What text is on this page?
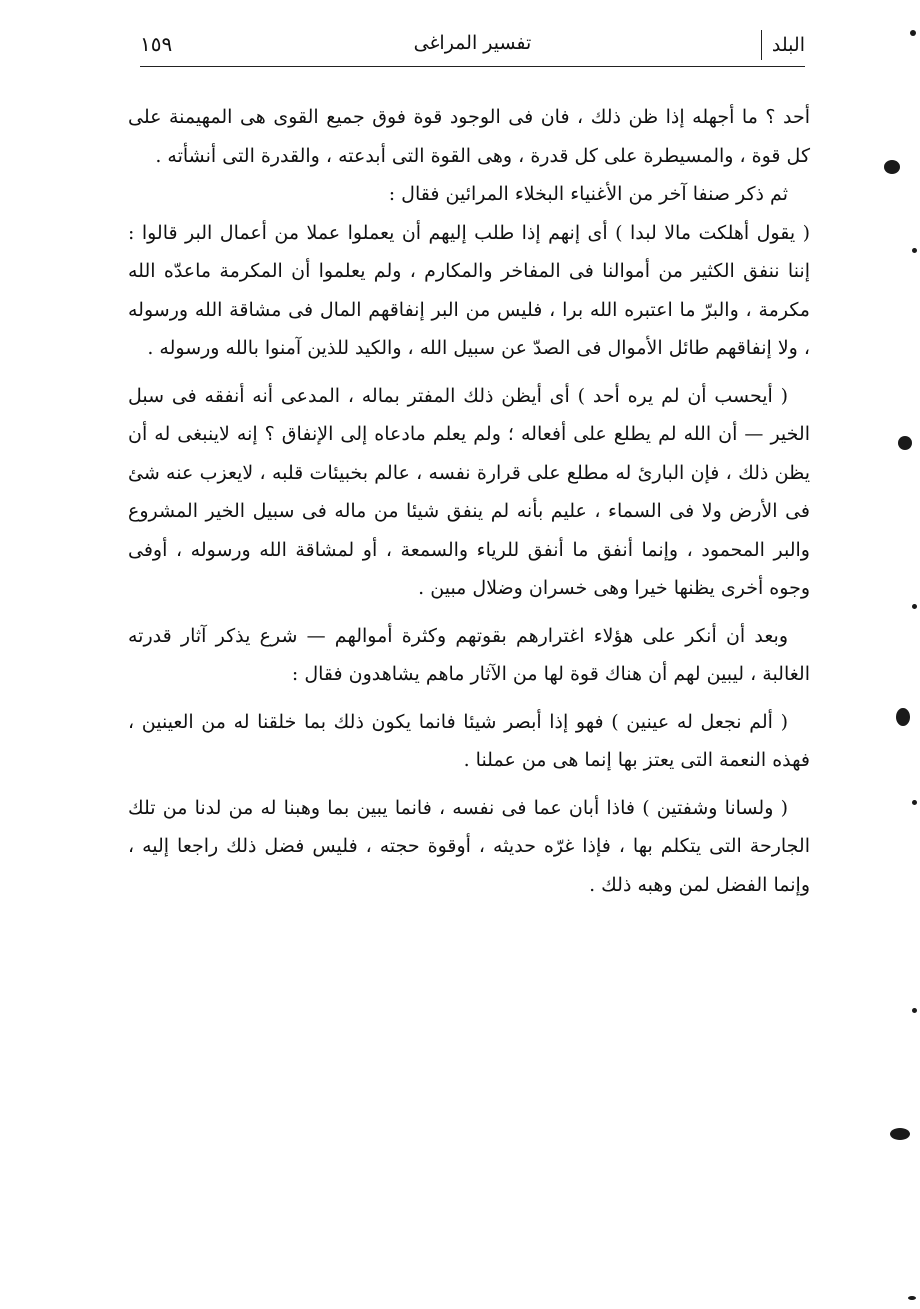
البلد
تفسير المراغى
١٥٩

أحد ؟ ما أجهله إذا ظن ذلك ، فان فى الوجود قوة فوق جميع القوى هى المهيمنة على كل قوة ، والمسيطرة على كل قدرة ، وهى القوة التى أبدعته ، والقدرة التى أنشأته .

ثم ذكر صنفا آخر من الأغنياء البخلاء المرائين فقال :

( يقول أهلكت مالا لبدا ) أى إنهم إذا طلب إليهم أن يعملوا عملا من أعمال البر قالوا : إننا ننفق الكثير من أموالنا فى المفاخر والمكارم ، ولم يعلموا أن المكرمة ماعدّه الله مكرمة ، والبرّ ما اعتبره الله برا ، فليس من البر إنفاقهم المال فى مشاقة الله ورسوله ، ولا إنفاقهم طائل الأموال فى الصدّ عن سبيل الله ، والكيد للذين آمنوا بالله ورسوله .

( أيحسب أن لم يره أحد ) أى أيظن ذلك المفتر بماله ، المدعى أنه أنفقه فى سبل الخير — أن الله لم يطلع على أفعاله ؛ ولم يعلم مادعاه إلى الإنفاق ؟ إنه لاينبغى له أن يظن ذلك ، فإن البارئ له مطلع على قرارة نفسه ، عالم بخبيئات قلبه ، لايعزب عنه شئ فى الأرض ولا فى السماء ، عليم بأنه لم ينفق شيئا من ماله فى سبيل الخير المشروع والبر المحمود ، وإنما أنفق ما أنفق للرياء والسمعة ، أو لمشاقة الله ورسوله ، أوفى وجوه أخرى يظنها خيرا وهى خسران وضلال مبين .

وبعد أن أنكر على هؤلاء اغترارهم بقوتهم وكثرة أموالهم — شرع يذكر آثار قدرته الغالبة ، ليبين لهم أن هناك قوة لها من الآثار ماهم يشاهدون فقال :

( ألم نجعل له عينين ) فهو إذا أبصر شيئا فانما يكون ذلك بما خلقنا له من العينين ، فهذه النعمة التى يعتز بها إنما هى من عملنا .

( ولسانا وشفتين ) فاذا أبان عما فى نفسه ، فانما يبين بما وهبنا له من لدنا من تلك الجارحة التى يتكلم بها ، فإذا غرّه حديثه ، أوقوة حجته ، فليس فضل ذلك راجعا إليه ، وإنما الفضل لمن وهبه ذلك .
